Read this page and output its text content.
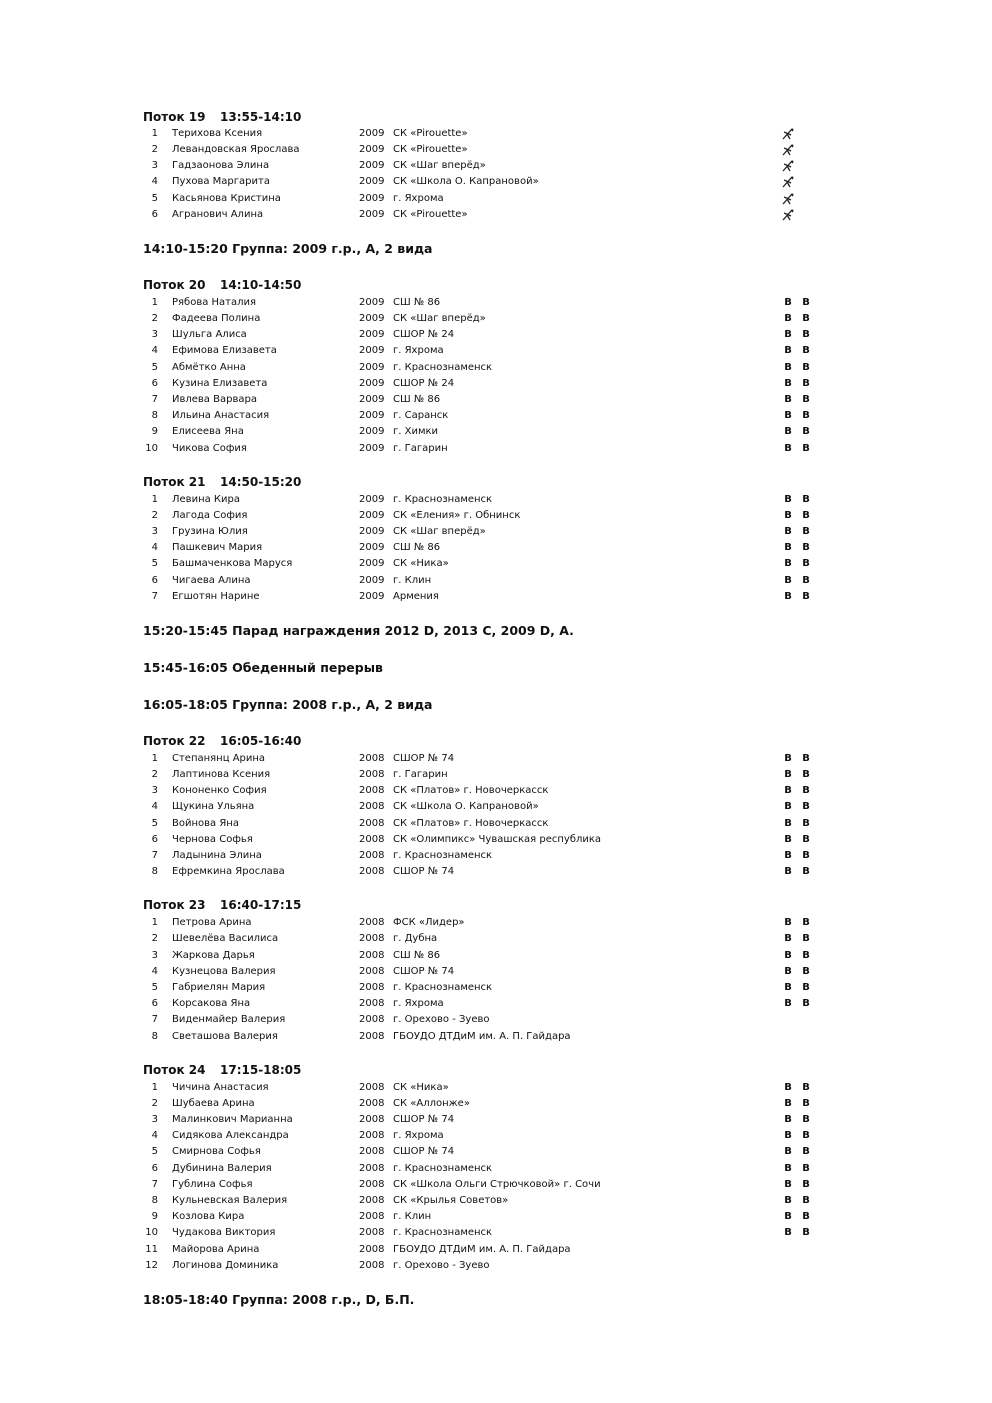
Поток 19 13:55-14:10
1 Терихова Ксения	2009 СК «Pirouette»
2 Левандовская Ярослава	2009 СК «Pirouette»
3 Гадзаонова Элина	2009 СК «Шаг вперёд»
4 Пухова Маргарита	2009 СК «Школа О. Капрановой»
5 Касьянова Кристина	2009 г. Яхрома
6 Агранович Алина	2009 СК «Pirouette»
14:10-15:20 Группа: 2009 г.р., А, 2 вида
Поток 20 14:10-14:50
1 Рябова Наталия	2009 СШ № 86	В В
2 Фадеева Полина	2009 СК «Шаг вперёд»	В В
3 Шульга Алиса	2009 СШОР № 24	В В
4 Ефимова Елизавета	2009 г. Яхрома	В В
5 Абмётко Анна	2009 г. Краснознаменск	В В
6 Кузина Елизавета	2009 СШОР № 24	В В
7 Ивлева Варвара	2009 СШ № 86	В В
8 Ильина Анастасия	2009 г. Саранск	В В
9 Елисеева Яна	2009 г. Химки	В В
10 Чикова София	2009 г. Гагарин	В В
Поток 21 14:50-15:20
1 Левина Кира	2009 г. Краснознаменск	В В
2 Лагода София	2009 СК «Еления» г. Обнинск	В В
3 Грузина Юлия	2009 СК «Шаг вперёд»	В В
4 Пашкевич Мария	2009 СШ № 86	В В
5 Башмаченкова Маруся	2009 СК «Ника»	В В
6 Чигаева Алина	2009 г. Клин	В В
7 Егшотян Нарине	2009 Армения	В В
15:20-15:45 Парад награждения 2012 D, 2013 C, 2009 D, A.
15:45-16:05 Обеденный перерыв
16:05-18:05 Группа: 2008 г.р., А, 2 вида
Поток 22 16:05-16:40
1 Степанянц Арина	2008 СШОР № 74	В В
2 Лаптинова Ксения	2008 г. Гагарин	В В
3 Кононенко София	2008 СК «Платов» г. Новочеркасск	В В
4 Щукина Ульяна	2008 СК «Школа О. Капрановой»	В В
5 Войнова Яна	2008 СК «Платов» г. Новочеркасск	В В
6 Чернова Софья	2008 СК «Олимпикс» Чувашская республика	В В
7 Ладынина Элина	2008 г. Краснознаменск	В В
8 Ефремкина Ярослава	2008 СШОР № 74	В В
Поток 23 16:40-17:15
1 Петрова Арина	2008 ФСК «Лидер»	В В
2 Шевелёва Василиса	2008 г. Дубна	В В
3 Жаркова Дарья	2008 СШ № 86	В В
4 Кузнецова Валерия	2008 СШОР № 74	В В
5 Габриелян Мария	2008 г. Краснознаменск	В В
6 Корсакова Яна	2008 г. Яхрома	В В
7 Виденмайер Валерия	2008 г. Орехово - Зуево
8 Светашова Валерия	2008 ГБОУДО ДТДиМ им. А. П. Гайдара
Поток 24 17:15-18:05
1 Чичина Анастасия	2008 СК «Ника»	В В
2 Шубаева Арина	2008 СК «Аллонже»	В В
3 Малинкович Марианна	2008 СШОР № 74	В В
4 Сидякова Александра	2008 г. Яхрома	В В
5 Смирнова Софья	2008 СШОР № 74	В В
6 Дубинина Валерия	2008 г. Краснознаменск	В В
7 Гублина Софья	2008 СК «Школа Ольги Стрючковой» г. Сочи	В В
8 Кульневская Валерия	2008 СК «Крылья Советов»	В В
9 Козлова Кира	2008 г. Клин	В В
10 Чудакова Виктория	2008 г. Краснознаменск	В В
11 Майорова Арина	2008 ГБОУДО ДТДиМ им. А. П. Гайдара
12 Логинова Доминика	2008 г. Орехово - Зуево
18:05-18:40 Группа: 2008 г.р., D, Б.П.
